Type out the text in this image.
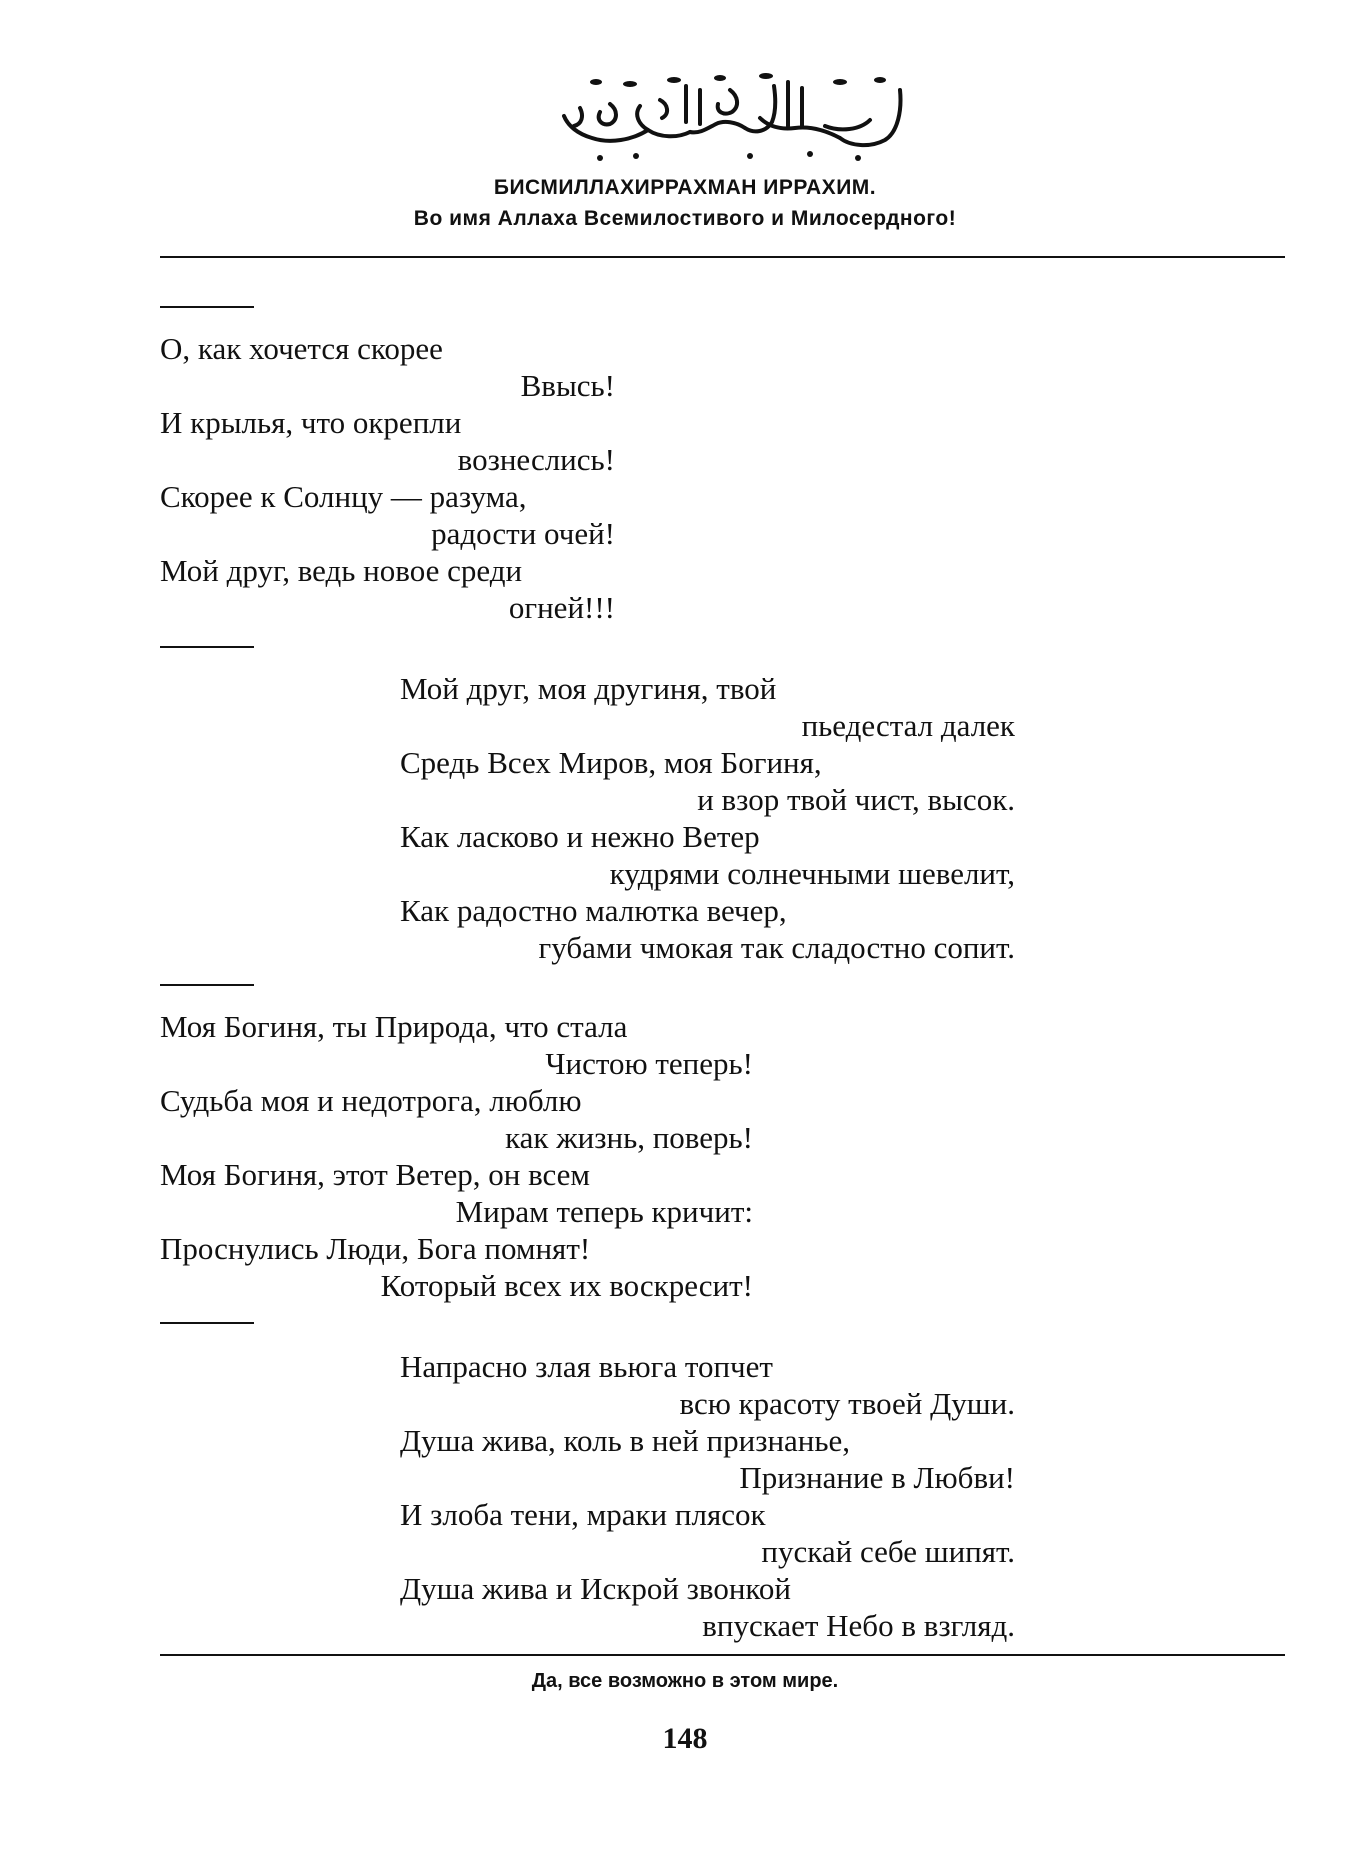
БИСМИЛЛАХИРРАХМАН ИРРАХИМ.
Во имя Аллаха Всемилостивого и Милосердного!
О, как хочется скорее
Ввысь!
И крылья, что окрепли
вознеслись!
Скорее к Солнцу — разума,
радости очей!
Мой друг, ведь новое среди
огней!!!
Мой друг, моя другиня, твой
пьедестал далек
Средь Всех Миров, моя Богиня,
и взор твой чист, высок.
Как ласково и нежно Ветер
кудрями солнечными шевелит,
Как радостно малютка вечер,
губами чмокая так сладостно сопит.
Моя Богиня, ты Природа, что стала
Чистою теперь!
Судьба моя и недотрога, люблю
как жизнь, поверь!
Моя Богиня, этот Ветер, он всем
Мирам теперь кричит:
Проснулись Люди, Бога помнят!
Который всех их воскресит!
Напрасно злая вьюга топчет
всю красоту твоей Души.
Душа жива, коль в ней признанье,
Признание в Любви!
И злоба тени, мраки плясок
пускай себе шипят.
Душа жива и Искрой звонкой
впускает Небо в взгляд.
Да, все возможно в этом мире.
148
